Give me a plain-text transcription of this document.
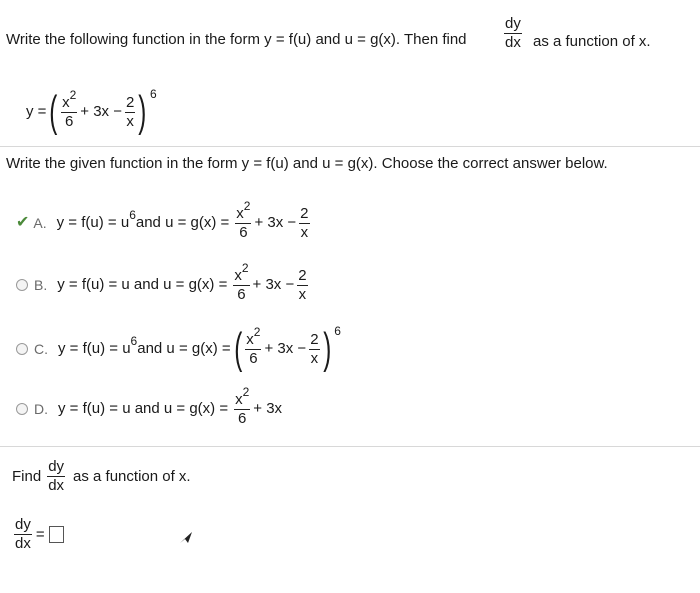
Write the following function in the form y = f(u) and u = g(x). Then find $\frac{dy}{dx}$ as a function of x.
y = ( $\frac{x^2}{6} + 3x - \frac{2}{x}$ ) 6
Write the given function in the form y = f(u) and u = g(x). Choose the correct answer below.
✔ A. y = f(u) = u 6 and $u = g(x) = \frac{x^2}{6} + 3x - \frac{2}{x}$
B. y = f(u) = u and $u = g(x) = \frac{x^2}{6} + 3x - \frac{2}{x}$
C. y = f(u) = u 6 and u = g(x) = ( $\frac{x^2}{6} + 3x - \frac{2}{x}$ ) 6
D. y = f(u) = u and $u = g(x) = \frac{x^2}{6} + 3x$
Find $\frac{dy}{dx}$ as a function of x.
$\frac{dy}{dx}$ =
